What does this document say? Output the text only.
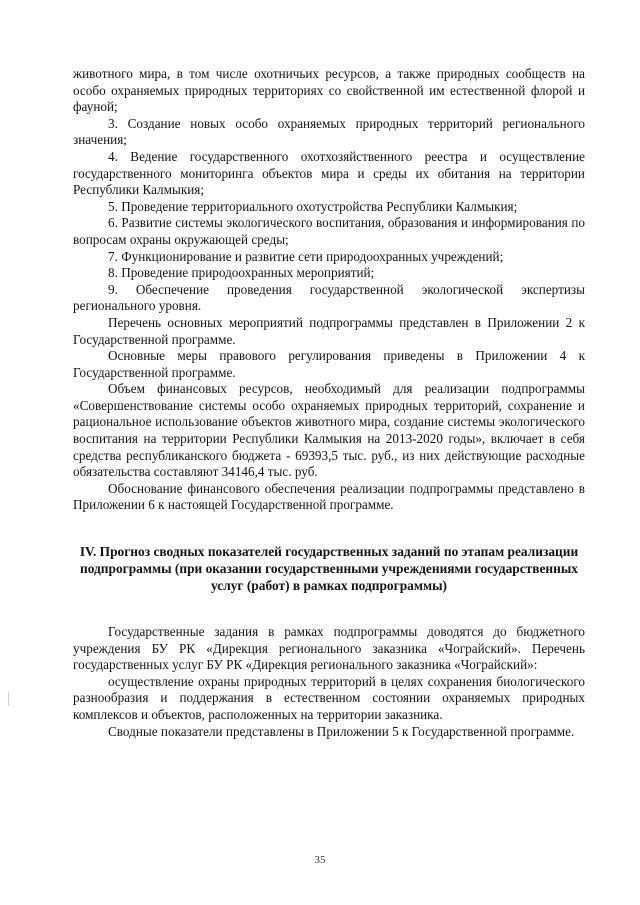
животного мира, в том числе охотничьих ресурсов, а также природных сообществ на особо охраняемых природных территориях со свойственной им естественной флорой и фауной;

3. Создание новых особо охраняемых природных территорий регионального значения;

4. Ведение государственного охотхозяйственного реестра и осуществление государственного мониторинга объектов мира и среды их обитания на территории Республики Калмыкия;

5. Проведение территориального охотустройства Республики Калмыкия;

6. Развитие системы экологического воспитания, образования и информирования по вопросам охраны окружающей среды;

7. Функционирование и развитие сети природоохранных учреждений;

8. Проведение природоохранных мероприятий;

9. Обеспечение проведения государственной экологической экспертизы регионального уровня.

Перечень основных мероприятий подпрограммы представлен в Приложении 2 к Государственной программе.

Основные меры правового регулирования приведены в Приложении 4 к Государственной программе.

Объем финансовых ресурсов, необходимый для реализации подпрограммы «Совершенствование системы особо охраняемых природных территорий, сохранение и рациональное использование объектов животного мира, создание системы экологического воспитания на территории Республики Калмыкия на 2013-2020 годы», включает в себя средства республиканского бюджета - 69393,5 тыс. руб., из них действующие расходные обязательства составляют 34146,4 тыс. руб.

Обоснование финансового обеспечения реализации подпрограммы представлено в Приложении 6 к настоящей Государственной программе.

IV. Прогноз сводных показателей государственных заданий по этапам реализации подпрограммы (при оказании государственными учреждениями государственных услуг (работ) в рамках подпрограммы)

Государственные задания в рамках подпрограммы доводятся до бюджетного учреждения БУ РК «Дирекция регионального заказника «Чограйский». Перечень государственных услуг БУ РК «Дирекция регионального заказника «Чограйский»:

осуществление охраны природных территорий в целях сохранения биологического разнообразия и поддержания в естественном состоянии охраняемых природных комплексов и объектов, расположенных на территории заказника.

Сводные показатели представлены в Приложении 5 к Государственной программе.

35
